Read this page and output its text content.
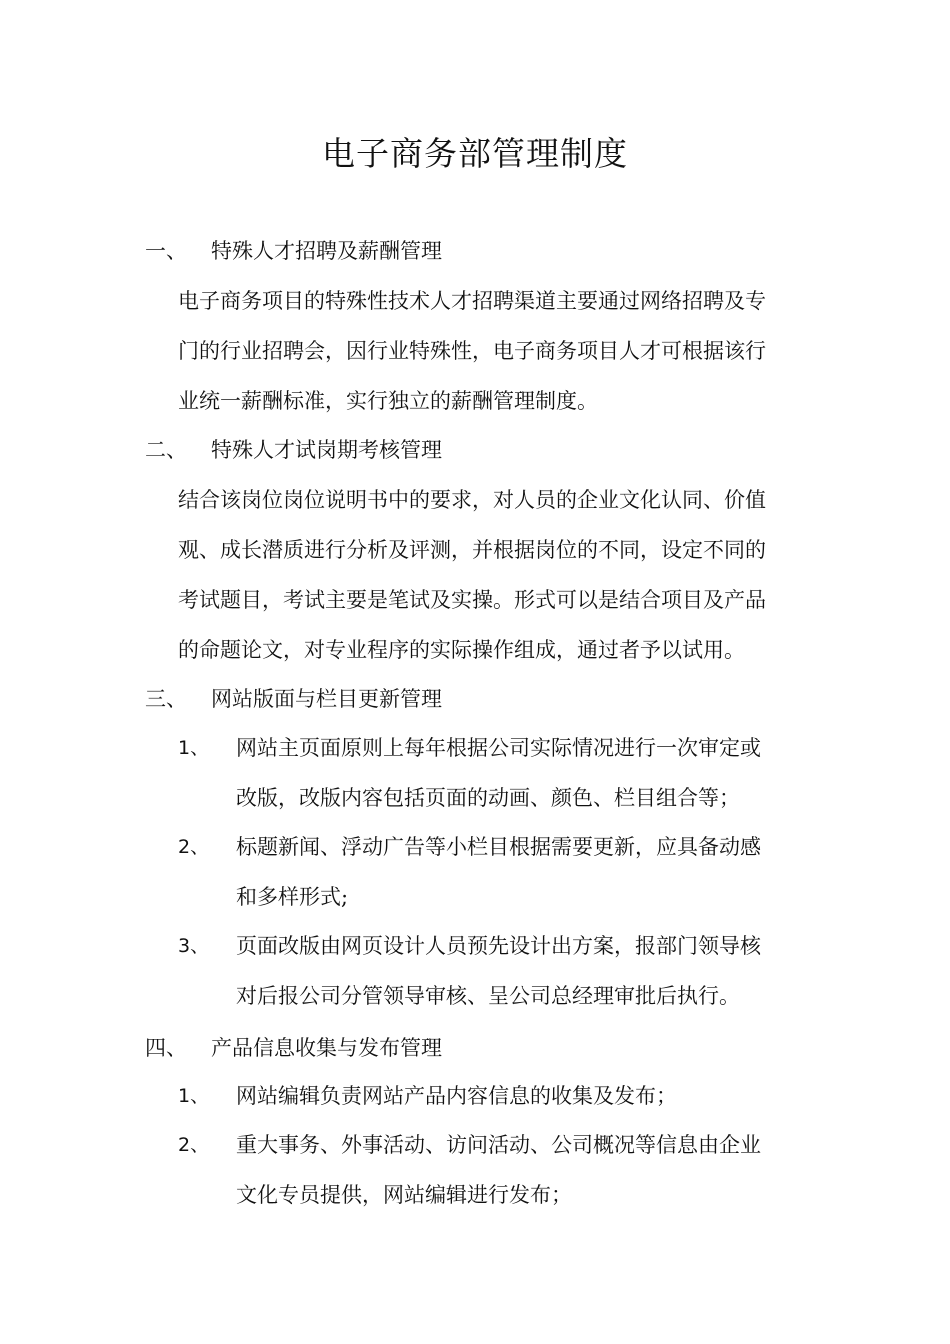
电子商务部管理制度
一、 特殊人才招聘及薪酬管理
电子商务项目的特殊性技术人才招聘渠道主要通过网络招聘及专
门的行业招聘会，因行业特殊性，电子商务项目人才可根据该行
业统一薪酬标准，实行独立的薪酬管理制度。
二、 特殊人才试岗期考核管理
结合该岗位岗位说明书中的要求，对人员的企业文化认同、价值
观、成长潜质进行分析及评测，并根据岗位的不同，设定不同的
考试题目，考试主要是笔试及实操。形式可以是结合项目及产品
的命题论文，对专业程序的实际操作组成，通过者予以试用。
三、 网站版面与栏目更新管理
1、	网站主页面原则上每年根据公司实际情况进行一次审定或
改版，改版内容包括页面的动画、颜色、栏目组合等；
2、	标题新闻、浮动广告等小栏目根据需要更新，应具备动感
和多样形式;
3、	页面改版由网页设计人员预先设计出方案，报部门领导核
对后报公司分管领导审核、呈公司总经理审批后执行。
四、 产品信息收集与发布管理
1、	网站编辑负责网站产品内容信息的收集及发布；
2、	重大事务、外事活动、访问活动、公司概况等信息由企业
文化专员提供，网站编辑进行发布；
